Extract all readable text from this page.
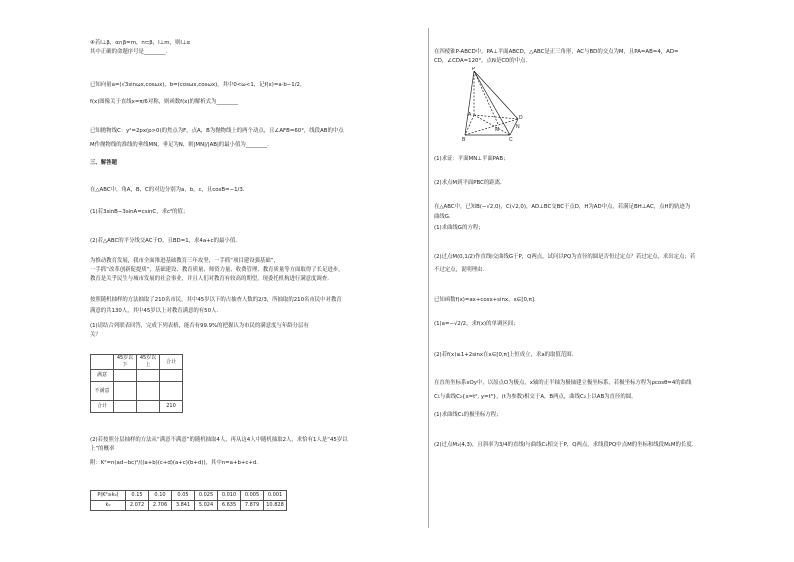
④若l⊥β，α∩β=m，n⊂β，l⊥m，则l⊥α
其中正确的命题序号是________．
已知向量a=(√3sinωx,cosωx)，b=(cosωx,cosωx)，其中0<ω<1，记f(x)=a·b−1/2，
f(x)图像关于直线x=π/6对称，则函数f(x)的解析式为________
已知抛物线C：y²=2px(p>0)的焦点为F，点A，B为抛物线上的两个动点，且∠AFB=60°，线段AB的中点
M作抛物线的准线的垂线MN，垂足为N，则|MN|/|AB|的最小值为________．
三、解答题
在△ABC中，角A，B，C的对边分别为a，b，c，且cosB=−1/3．
(1)若3sinB−3sinA=csinC，求c²的值；
(2)若△ABC的平分线交AC于D，且BD=1，求4a+c的最小值．
为推动教育发展，我市全面推进基础教育三年攻坚，一手抓“项目建设强基础”，
一手抓“改革创新促提质”，基础建设、教育质量、师资力量、收费管理、教育质量等方面取得了长足进步，
教育是关乎民生与城市发展的社会事业，并且人们对教育有较高的期望，现委托机构进行满意度调查．
按照随机抽样的方法抽取了210名市民，其中45岁以下的占抽查人数的2/3，所抽取的210名市民中对教育
满意的共130人，其中45岁以上对教育满意的有50人．
(1)请结合列联表回答，完成下列表格，能否有99.9%的把握认为市民的满意度与年龄分层有
关？
	45岁以下	45岁以上	合计
满意			
不满意			
合计			210
(2)若按照分层抽样的方法从“满意不满意”的随机抽取4人，再从这4人中随机抽取2人，求恰有1人是“45岁以
上”的概率
附：K²=n(ad−bc)²/((a+b)(c+d)(a+c)(b+d))，其中n=a+b+c+d．
P(K²≥k₀)	0.15	0.10	0.05	0.025	0.010	0.005	0.001
k₀	2.072	2.706	3.841	5.024	6.635	7.879	10.828
在四棱锥P-ABCD中，PA⊥平面ABCD，△ABC是正三角形，AC与BD的交点为M，且PA=AB=4，AD=
CD，∠CDA=120°，点N是CD的中点．
P
A
B	C
D
M	N
(1)求证：平面MN⊥平面PAB；
(2)求点M到平面PBC的距离．
在△ABC中，已知B(−√2,0)，C(√2,0)，AD⊥BC交BC于点D，H为AD中点，若满足BH⊥AC，点H的轨迹为
曲线G．
(1)求曲线G的方程；
(2)过点M(0,1/2)作直线l交曲线G于P，Q两点，试问以PQ为直径的圆是否恒过定点？若过定点，求出定点；若
不过定点，说明理由．
已知函数f(x)=ax+cosx+sinx，x∈[0,π]．
(1)a=−√2/2，求f(x)的单调区间；
(2)若f(x)≥1+2sinx在x∈[0,π]上恒成立，求a的取值范围．
在直角坐标系xOy中，以原点O为极点，x轴的正半轴为极轴建立极坐标系，若极坐标方程为ρcosθ=4的曲线
C₁与曲线C₂{x=t², y=t³}，(t为参数)相交于A，B两点，曲线C₂上以AB为直径的圆，
(1)求曲线C₁的极坐标方程；
(2)过点M₁(4,3)，且斜率为3/4的直线l与曲线C₁相交于P，Q两点，求线段PQ中点M的坐标和线段M₁M的长度．
